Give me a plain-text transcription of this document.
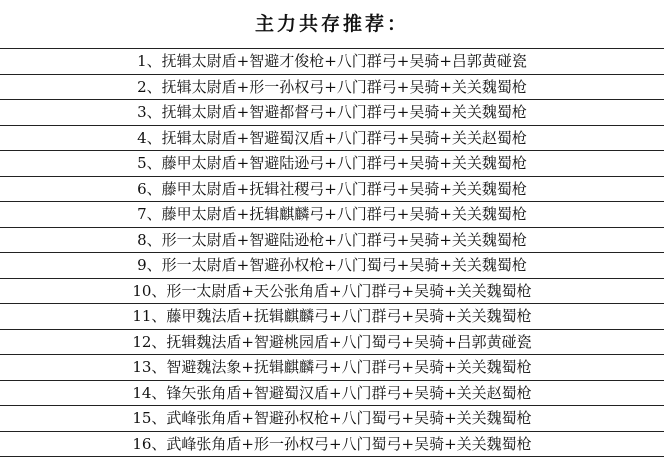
主力共存推荐：
1、抚辑太尉盾+智避才俊枪+八门群弓+吴骑+吕郭黄碰瓷
2、抚辑太尉盾+形一孙权弓+八门群弓+吴骑+关关魏蜀枪
3、抚辑太尉盾+智避都督弓+八门群弓+吴骑+关关魏蜀枪
4、抚辑太尉盾+智避蜀汉盾+八门群弓+吴骑+关关赵蜀枪
5、藤甲太尉盾+智避陆逊弓+八门群弓+吴骑+关关魏蜀枪
6、藤甲太尉盾+抚辑社稷弓+八门群弓+吴骑+关关魏蜀枪
7、藤甲太尉盾+抚辑麒麟弓+八门群弓+吴骑+关关魏蜀枪
8、形一太尉盾+智避陆逊枪+八门群弓+吴骑+关关魏蜀枪
9、形一太尉盾+智避孙权枪+八门蜀弓+吴骑+关关魏蜀枪
10、形一太尉盾+天公张角盾+八门群弓+吴骑+关关魏蜀枪
11、藤甲魏法盾+抚辑麒麟弓+八门群弓+吴骑+关关魏蜀枪
12、抚辑魏法盾+智避桃园盾+八门蜀弓+吴骑+吕郭黄碰瓷
13、智避魏法象+抚辑麒麟弓+八门群弓+吴骑+关关魏蜀枪
14、锋矢张角盾+智避蜀汉盾+八门群弓+吴骑+关关赵蜀枪
15、武峰张角盾+智避孙权枪+八门蜀弓+吴骑+关关魏蜀枪
16、武峰张角盾+形一孙权弓+八门蜀弓+吴骑+关关魏蜀枪
